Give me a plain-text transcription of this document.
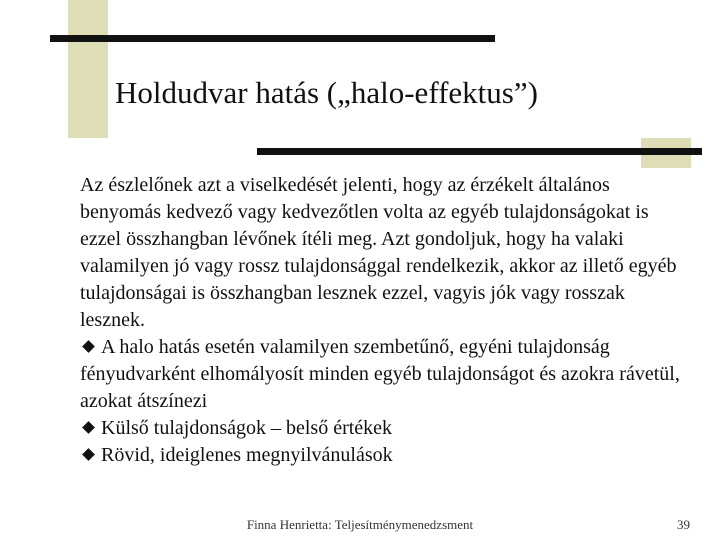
Holdudvar hatás („halo-effektus”)

Az észlelőnek azt a viselkedését jelenti, hogy az érzékelt általános benyomás kedvező vagy kedvezőtlen volta az egyéb tulajdonságokat is ezzel összhangban lévőnek ítéli meg. Azt gondoljuk, hogy ha valaki valamilyen jó vagy rossz tulajdonsággal rendelkezik, akkor az illető egyéb tulajdonságai is összhangban lesznek ezzel, vagyis jók vagy rosszak lesznek.

A halo hatás esetén valamilyen szembetűnő, egyéni tulajdonság fényudvarként elhomályosít minden egyéb tulajdonságot és azokra rávetül, azokat átszínezi

Külső tulajdonságok – belső értékek

Rövid, ideiglenes megnyilvánulások

Finna Henrietta: Teljesítménymenedzsment	39
